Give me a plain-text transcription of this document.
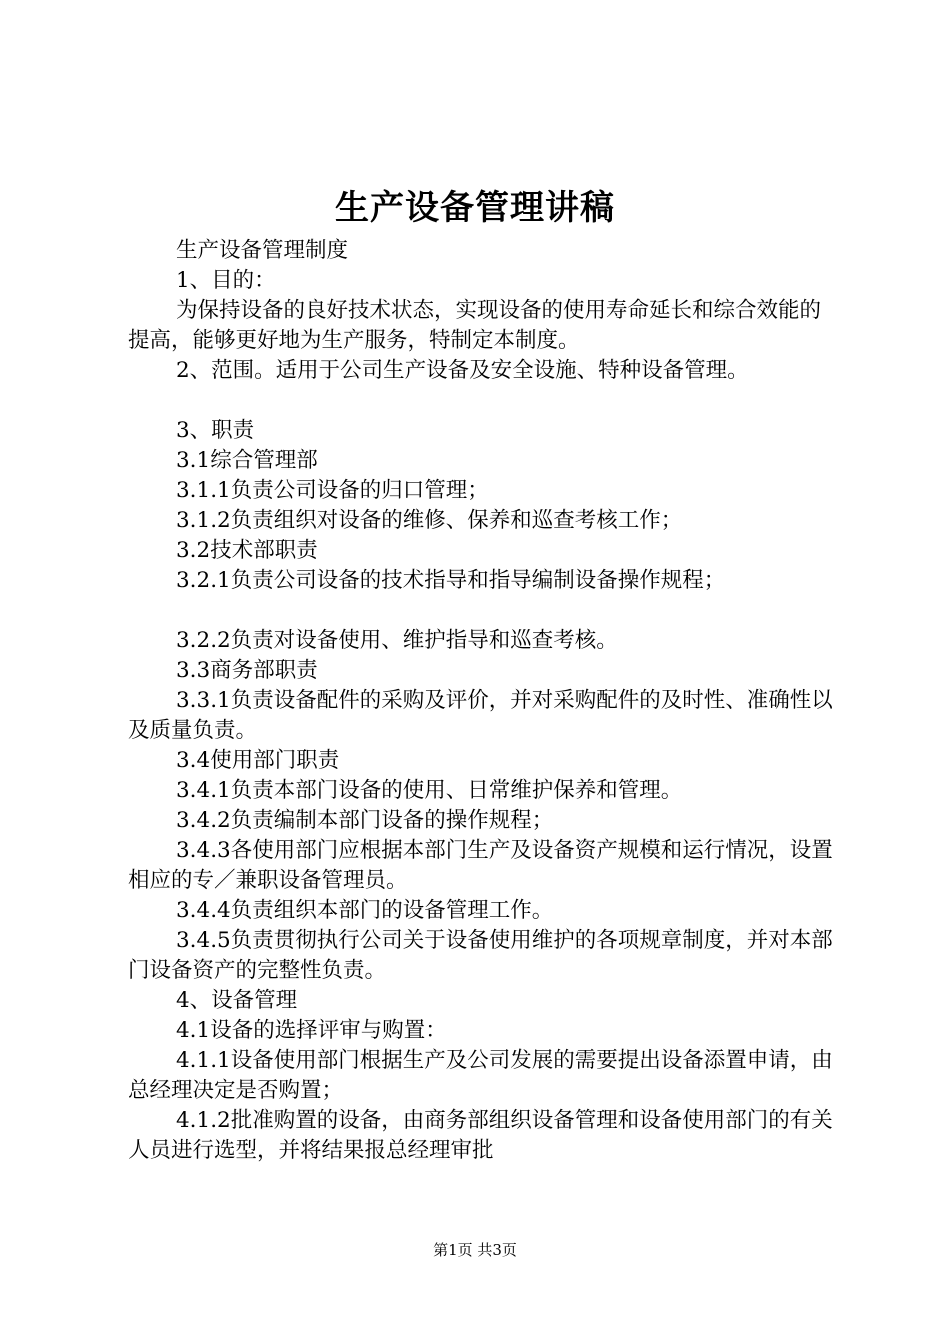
生产设备管理讲稿

生产设备管理制度

1、目的：

为保持设备的良好技术状态，实现设备的使用寿命延长和综合效能的提高，能够更好地为生产服务，特制定本制度。

2、范围。适用于公司生产设备及安全设施、特种设备管理。

3、职责

3.1综合管理部

3.1.1负责公司设备的归口管理；

3.1.2负责组织对设备的维修、保养和巡查考核工作；

3.2技术部职责

3.2.1负责公司设备的技术指导和指导编制设备操作规程；

3.2.2负责对设备使用、维护指导和巡查考核。

3.3商务部职责

3.3.1负责设备配件的采购及评价，并对采购配件的及时性、准确性以及质量负责。

3.4使用部门职责

3.4.1负责本部门设备的使用、日常维护保养和管理。

3.4.2负责编制本部门设备的操作规程；

3.4.3各使用部门应根据本部门生产及设备资产规模和运行情况，设置相应的专／兼职设备管理员。

3.4.4负责组织本部门的设备管理工作。

3.4.5负责贯彻执行公司关于设备使用维护的各项规章制度，并对本部门设备资产的完整性负责。

4、设备管理

4.1设备的选择评审与购置：

4.1.1设备使用部门根据生产及公司发展的需要提出设备添置申请，由总经理决定是否购置；

4.1.2批准购置的设备，由商务部组织设备管理和设备使用部门的有关人员进行选型，并将结果报总经理审批

第1页 共3页
